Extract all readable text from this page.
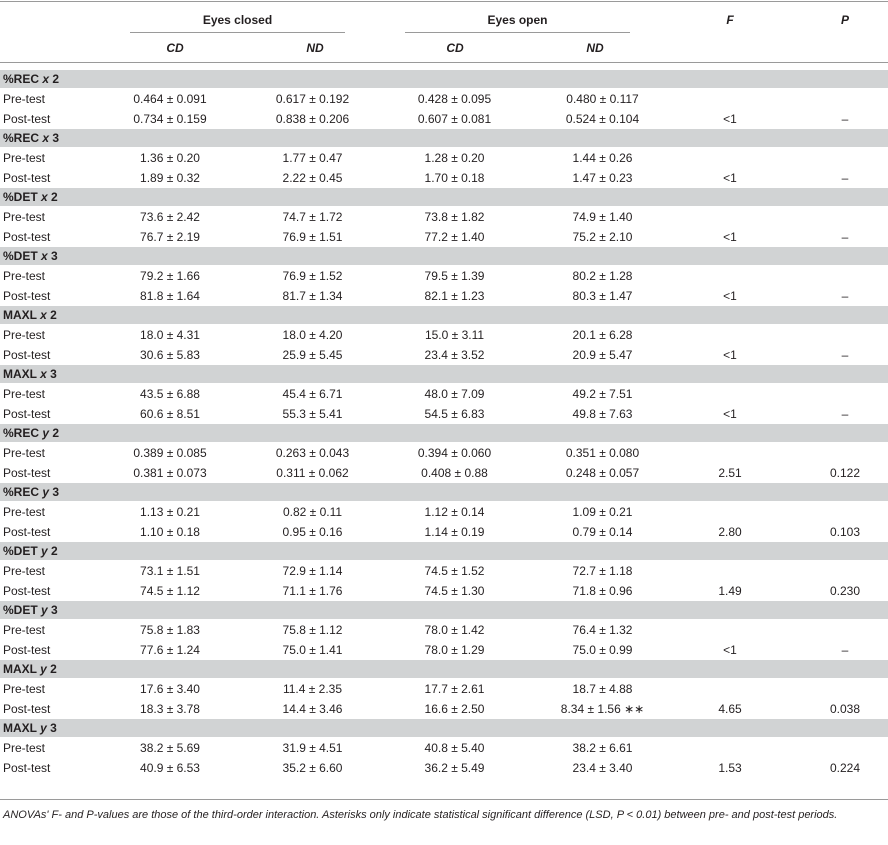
Eyes closed	Eyes open	F	P
CD	ND	CD	ND
%REC x 2
Pre-test	0.464 ± 0.091	0.617 ± 0.192	0.428 ± 0.095	0.480 ± 0.117
Post-test	0.734 ± 0.159	0.838 ± 0.206	0.607 ± 0.081	0.524 ± 0.104	<1	–
%REC x 3
Pre-test	1.36 ± 0.20	1.77 ± 0.47	1.28 ± 0.20	1.44 ± 0.26
Post-test	1.89 ± 0.32	2.22 ± 0.45	1.70 ± 0.18	1.47 ± 0.23	<1	–
%DET x 2
Pre-test	73.6 ± 2.42	74.7 ± 1.72	73.8 ± 1.82	74.9 ± 1.40
Post-test	76.7 ± 2.19	76.9 ± 1.51	77.2 ± 1.40	75.2 ± 2.10	<1	–
%DET x 3
Pre-test	79.2 ± 1.66	76.9 ± 1.52	79.5 ± 1.39	80.2 ± 1.28
Post-test	81.8 ± 1.64	81.7 ± 1.34	82.1 ± 1.23	80.3 ± 1.47	<1	–
MAXL x 2
Pre-test	18.0 ± 4.31	18.0 ± 4.20	15.0 ± 3.11	20.1 ± 6.28
Post-test	30.6 ± 5.83	25.9 ± 5.45	23.4 ± 3.52	20.9 ± 5.47	<1	–
MAXL x 3
Pre-test	43.5 ± 6.88	45.4 ± 6.71	48.0 ± 7.09	49.2 ± 7.51
Post-test	60.6 ± 8.51	55.3 ± 5.41	54.5 ± 6.83	49.8 ± 7.63	<1	–
%REC y 2
Pre-test	0.389 ± 0.085	0.263 ± 0.043	0.394 ± 0.060	0.351 ± 0.080
Post-test	0.381 ± 0.073	0.311 ± 0.062	0.408 ± 0.88	0.248 ± 0.057	2.51	0.122
%REC y 3
Pre-test	1.13 ± 0.21	0.82 ± 0.11	1.12 ± 0.14	1.09 ± 0.21
Post-test	1.10 ± 0.18	0.95 ± 0.16	1.14 ± 0.19	0.79 ± 0.14	2.80	0.103
%DET y 2
Pre-test	73.1 ± 1.51	72.9 ± 1.14	74.5 ± 1.52	72.7 ± 1.18
Post-test	74.5 ± 1.12	71.1 ± 1.76	74.5 ± 1.30	71.8 ± 0.96	1.49	0.230
%DET y 3
Pre-test	75.8 ± 1.83	75.8 ± 1.12	78.0 ± 1.42	76.4 ± 1.32
Post-test	77.6 ± 1.24	75.0 ± 1.41	78.0 ± 1.29	75.0 ± 0.99	<1	–
MAXL y 2
Pre-test	17.6 ± 3.40	11.4 ± 2.35	17.7 ± 2.61	18.7 ± 4.88
Post-test	18.3 ± 3.78	14.4 ± 3.46	16.6 ± 2.50	8.34 ± 1.56 ∗∗	4.65	0.038
MAXL y 3
Pre-test	38.2 ± 5.69	31.9 ± 4.51	40.8 ± 5.40	38.2 ± 6.61
Post-test	40.9 ± 6.53	35.2 ± 6.60	36.2 ± 5.49	23.4 ± 3.40	1.53	0.224
ANOVAs' F- and P-values are those of the third-order interaction. Asterisks only indicate statistical significant difference (LSD, P < 0.01) between pre- and post-test periods.
